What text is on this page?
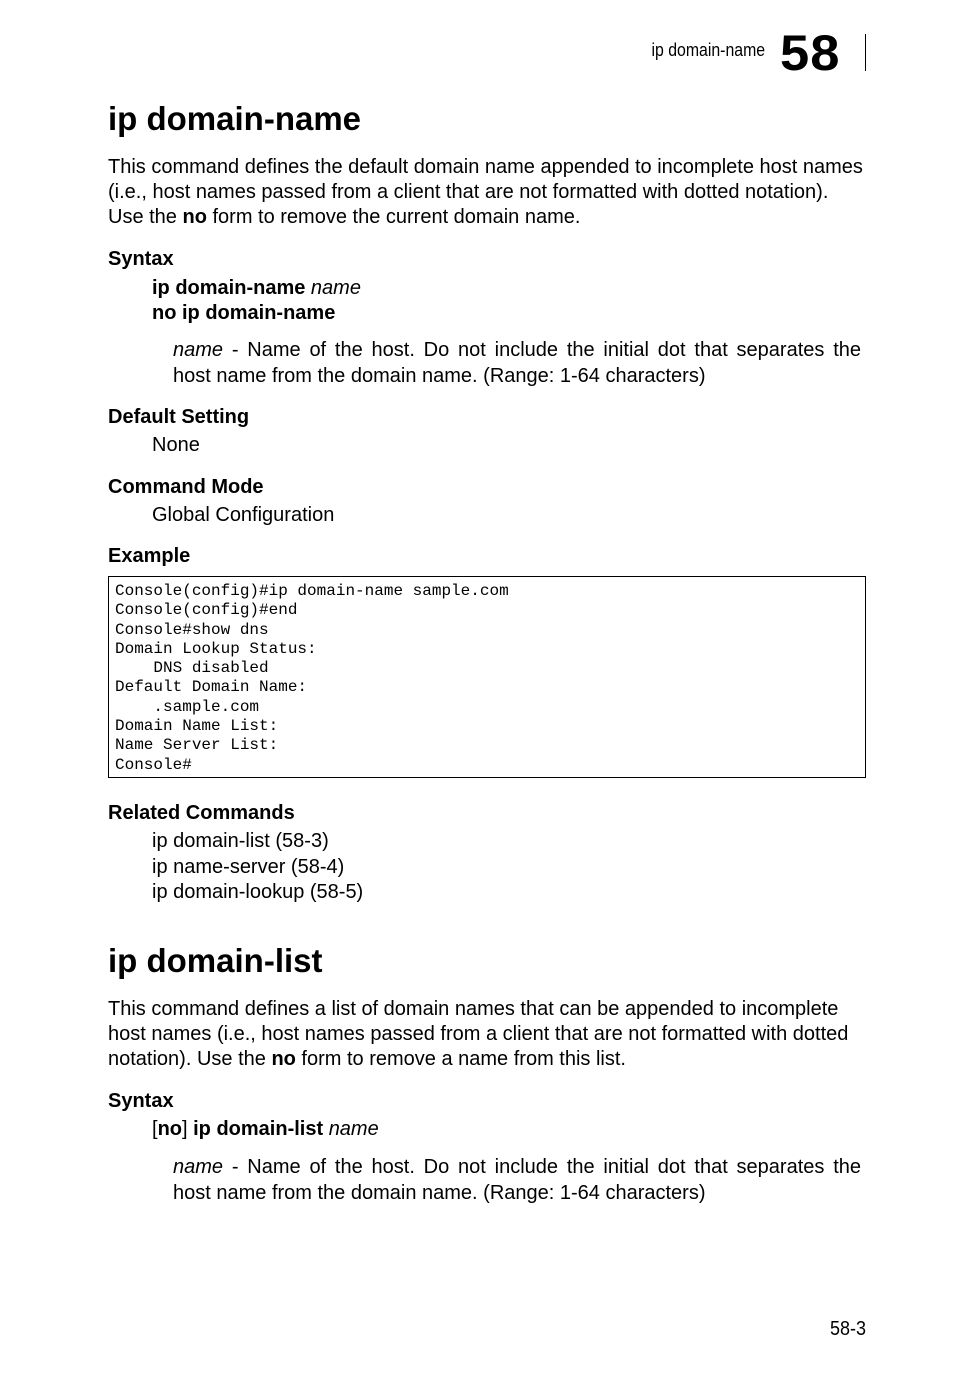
ip domain-name 58
ip domain-name
This command defines the default domain name appended to incomplete host names (i.e., host names passed from a client that are not formatted with dotted notation). Use the no form to remove the current domain name.
Syntax
ip domain-name name
no ip domain-name
name - Name of the host. Do not include the initial dot that separates the
host name from the domain name. (Range: 1-64 characters)
Default Setting
None
Command Mode
Global Configuration
Example
Console(config)#ip domain-name sample.com
Console(config)#end
Console#show dns
Domain Lookup Status:
DNS disabled
Default Domain Name:
.sample.com
Domain Name List:
Name Server List:
Console#
Related Commands
ip domain-list (58-3)
ip name-server (58-4)
ip domain-lookup (58-5)
ip domain-list
This command defines a list of domain names that can be appended to incomplete host names (i.e., host names passed from a client that are not formatted with dotted notation). Use the no form to remove a name from this list.
Syntax
[no] ip domain-list name
name - Name of the host. Do not include the initial dot that separates the
host name from the domain name. (Range: 1-64 characters)
58-3
